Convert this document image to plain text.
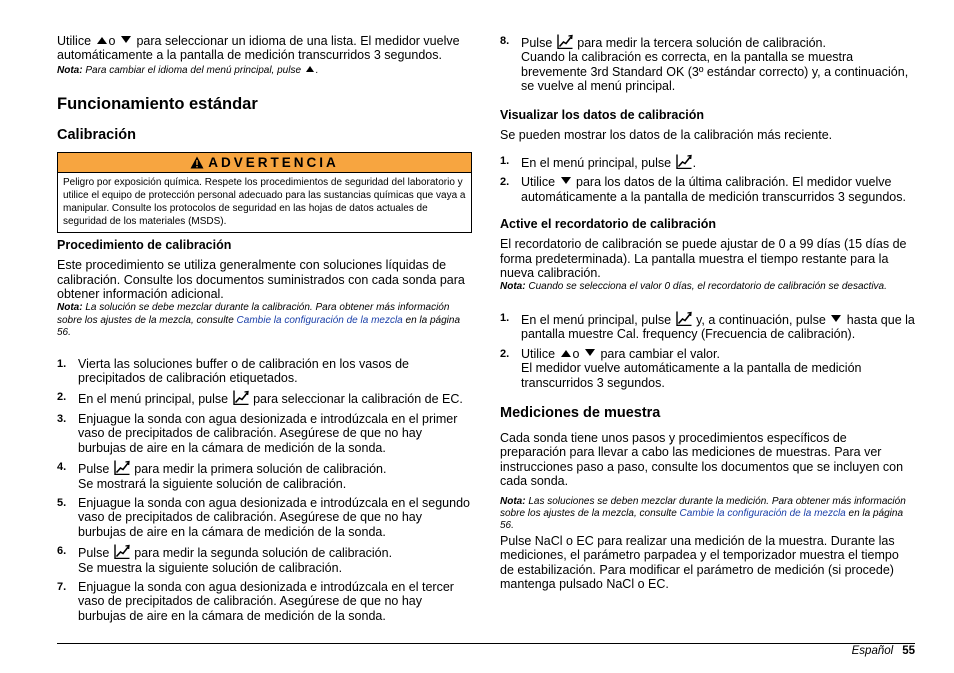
Utilice o para seleccionar un idioma de una lista. El medidor vuelve automáticamente a la pantalla de medición transcurridos 3 segundos.

Nota: Para cambiar el idioma del menú principal, pulse .

Funcionamiento estándar
Calibración
ADVERTENCIA
Peligro por exposición química. Respete los procedimientos de seguridad del laboratorio y utilice el equipo de protección personal adecuado para las sustancias químicas que vaya a manipular. Consulte los protocolos de seguridad en las hojas de datos actuales de seguridad de los materiales (MSDS).
Procedimiento de calibración

Este procedimiento se utiliza generalmente con soluciones líquidas de calibración. Consulte los documentos suministrados con cada sonda para obtener información adicional.

Nota: La solución se debe mezclar durante la calibración. Para obtener más información sobre los ajustes de la mezcla, consulte Cambie la configuración de la mezcla en la página 56.

1. Vierta las soluciones buffer o de calibración en los vasos de precipitados de calibración etiquetados.
2. En el menú principal, pulse para seleccionar la calibración de EC.
3. Enjuague la sonda con agua desionizada e introdúzcala en el primer vaso de precipitados de calibración. Asegúrese de que no hay burbujas de aire en la cámara de medición de la sonda.
4. Pulse para medir la primera solución de calibración.
Se mostrará la siguiente solución de calibración.
5. Enjuague la sonda con agua desionizada e introdúzcala en el segundo vaso de precipitados de calibración. Asegúrese de que no hay burbujas de aire en la cámara de medición de la sonda.
6. Pulse para medir la segunda solución de calibración.
Se muestra la siguiente solución de calibración.
7. Enjuague la sonda con agua desionizada e introdúzcala en el tercer vaso de precipitados de calibración. Asegúrese de que no hay burbujas de aire en la cámara de medición de la sonda.
8. Pulse para medir la tercera solución de calibración.
Cuando la calibración es correcta, en la pantalla se muestra brevemente 3rd Standard OK (3º estándar correcto) y, a continuación, se vuelve al menú principal.
Visualizar los datos de calibración

Se pueden mostrar los datos de la calibración más reciente.

1. En el menú principal, pulse .
2. Utilice para los datos de la última calibración. El medidor vuelve automáticamente a la pantalla de medición transcurridos 3 segundos.
Active el recordatorio de calibración

El recordatorio de calibración se puede ajustar de 0 a 99 días (15 días de forma predeterminada). La pantalla muestra el tiempo restante para la nueva calibración.

Nota: Cuando se selecciona el valor 0 días, el recordatorio de calibración se desactiva.

1. En el menú principal, pulse y, a continuación, pulse hasta que la pantalla muestre Cal. frequency (Frecuencia de calibración).
2. Utilice o para cambiar el valor.
El medidor vuelve automáticamente a la pantalla de medición transcurridos 3 segundos.
Mediciones de muestra

Cada sonda tiene unos pasos y procedimientos específicos de preparación para llevar a cabo las mediciones de muestras. Para ver instrucciones paso a paso, consulte los documentos que se incluyen con cada sonda.

Nota: Las soluciones se deben mezclar durante la medición. Para obtener más información sobre los ajustes de la mezcla, consulte Cambie la configuración de la mezcla en la página 56.

Pulse NaCl o EC para realizar una medición de la muestra. Durante las mediciones, el parámetro parpadea y el temporizador muestra el tiempo de estabilización. Para modificar el parámetro de medición (si procede) mantenga pulsado NaCl o EC.

Español 55
